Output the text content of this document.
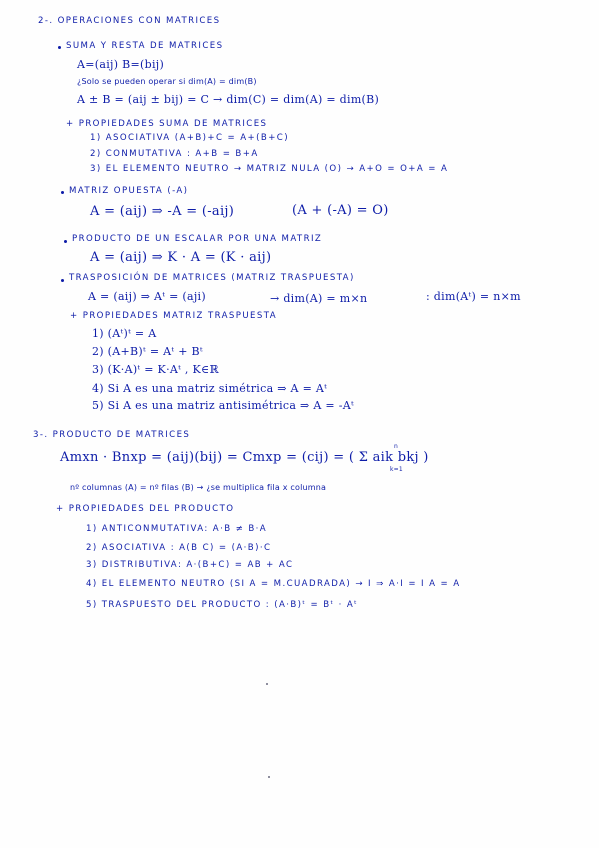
2-. OPERACIONES CON MATRICES
SUMA Y RESTA DE MATRICES
A=(aij) B=(bij)
¿Solo se pueden operar si dim(A) = dim(B)
A ± B = (aij ± bij) = C → dim(C) = dim(A) = dim(B)
+ PROPIEDADES SUMA DE MATRICES
1) ASOCIATIVA (A+B)+C = A+(B+C)
2) CONMUTATIVA : A+B = B+A
3) EL ELEMENTO NEUTRO → MATRIZ NULA (O) → A+O = O+A = A
MATRIZ OPUESTA (-A)
A = (aij) ⇒ -A = (-aij)	(A + (-A) = O)
PRODUCTO DE UN ESCALAR POR UNA MATRIZ
A = (aij) ⇒ K · A = (K · aij)
TRASPOSICIÓN DE MATRICES (MATRIZ TRASPUESTA)
A = (aij) ⇒ Aᵗ = (aji)	→ dim(A) = m×n	: dim(Aᵗ) = n×m
+ PROPIEDADES MATRIZ TRASPUESTA
1) (Aᵗ)ᵗ = A
2) (A+B)ᵗ = Aᵗ + Bᵗ
3) (K·A)ᵗ = K·Aᵗ , K∈ℝ
4) Si A es una matriz simétrica ⇒ A = Aᵗ
5) Si A es una matriz antisimétrica ⇒ A = -Aᵗ
3-. PRODUCTO DE MATRICES
Amxn · Bnxp = (aij)(bij) = Cmxp = (cij) = ( Σ aik bkj )
n
k=1
nº columnas (A) = nº filas (B) → ¿se multiplica fila x columna
+ PROPIEDADES DEL PRODUCTO
1) ANTICONMUTATIVA: A·B ≠ B·A
2) ASOCIATIVA : A(B C) = (A·B)·C
3) DISTRIBUTIVA: A·(B+C) = AB + AC
4) EL ELEMENTO NEUTRO (SI A = M.CUADRADA) → I ⇒ A·I = I A = A
5) TRASPUESTO DEL PRODUCTO : (A·B)ᵗ = Bᵗ · Aᵗ
